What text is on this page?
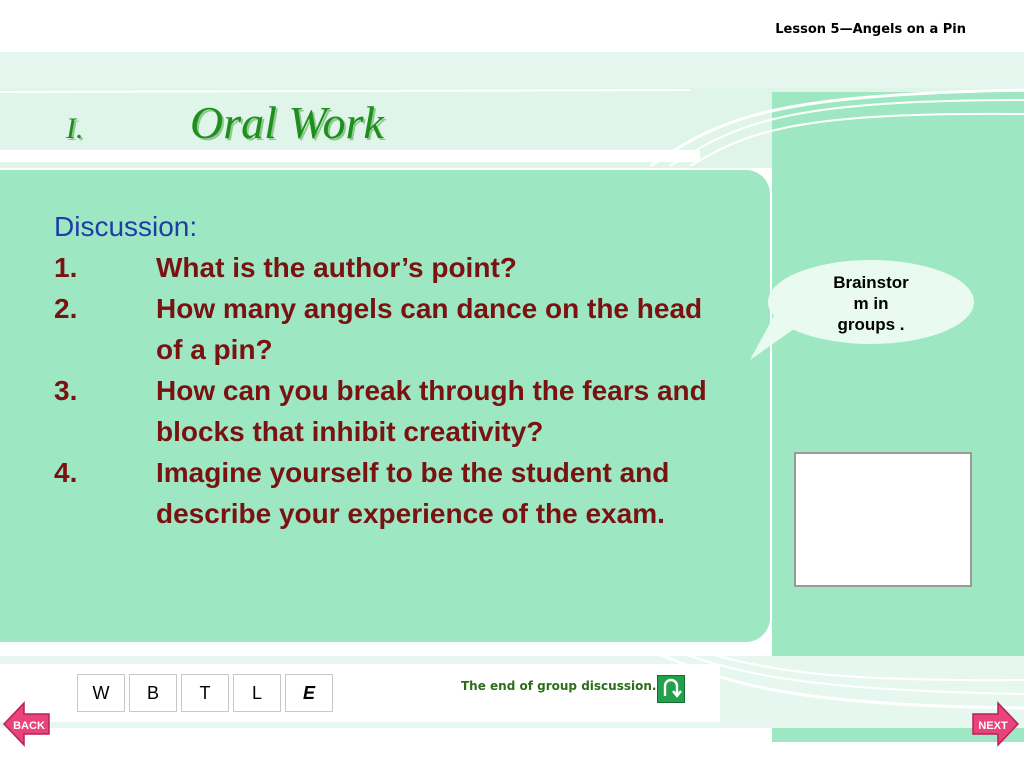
Lesson 5—Angels on a Pin
I. Oral Work
Discussion:
1.	What is the author’s point?
2.	How many angels can dance on the head of a pin?
3.	How can you break through the fears and blocks that inhibit creativity?
4.	Imagine yourself to be the student and describe your experience of the exam.
Brainstor
m in
groups .
W	B	T	L	E	The end of group discussion.
BACK	NEXT
